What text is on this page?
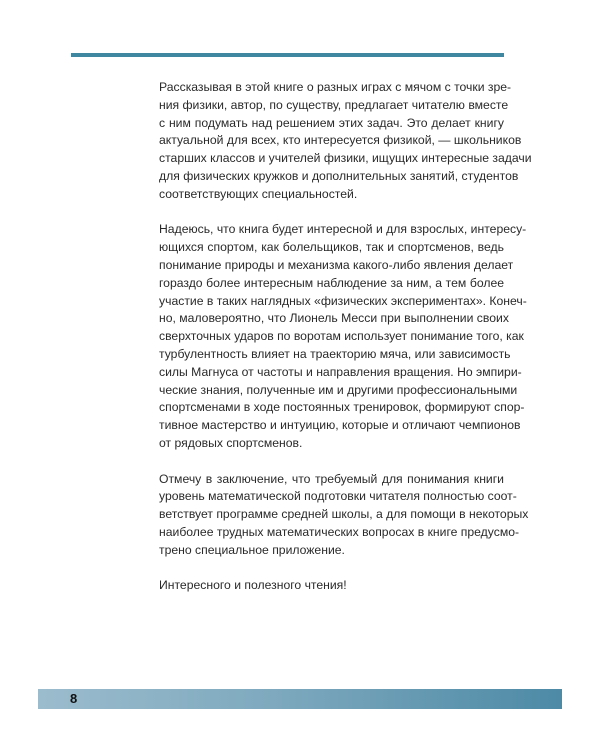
Рассказывая в этой книге о разных играх с мячом с точки зре-
ния физики, автор, по существу, предлагает читателю вместе
с ним подумать над решением этих задач. Это делает книгу
актуальной для всех, кто интересуется физикой, — школьников
старших классов и учителей физики, ищущих интересные задачи
для физических кружков и дополнительных занятий, студентов
соответствующих специальностей.

Надеюсь, что книга будет интересной и для взрослых, интересу-
ющихся спортом, как болельщиков, так и спортсменов, ведь
понимание природы и механизма какого-либо явления делает
гораздо более интересным наблюдение за ним, а тем более
участие в таких наглядных «физических экспериментах». Конеч-
но, маловероятно, что Лионель Месси при выполнении своих
сверхточных ударов по воротам использует понимание того, как
турбулентность влияет на траекторию мяча, или зависимость
силы Магнуса от частоты и направления вращения. Но эмпири-
ческие знания, полученные им и другими профессиональными
спортсменами в ходе постоянных тренировок, формируют спор-
тивное мастерство и интуицию, которые и отличают чемпионов
от рядовых спортсменов.

Отмечу в заключение, что требуемый для понимания книги
уровень математической подготовки читателя полностью соот-
ветствует программе средней школы, а для помощи в некоторых
наиболее трудных математических вопросах в книге предусмо-
трено специальное приложение.

Интересного и полезного чтения!

8
